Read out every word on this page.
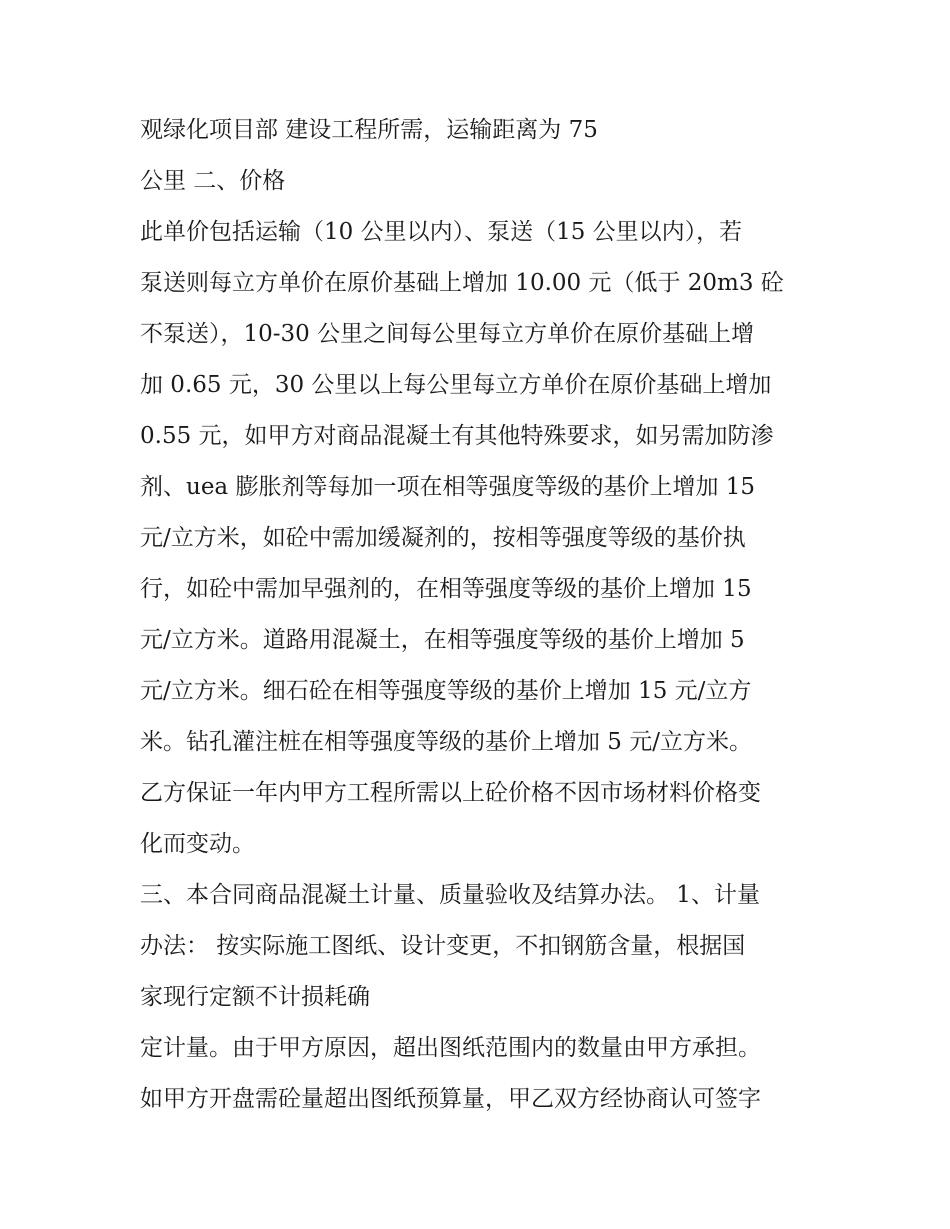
观绿化项目部 建设工程所需，运输距离为 75
公里 二、价格
此单价包括运输（10 公里以内）、泵送（15 公里以内），若
泵送则每立方单价在原价基础上增加 10.00 元（低于 20m3 砼
不泵送），10-30 公里之间每公里每立方单价在原价基础上增
加 0.65 元，30 公里以上每公里每立方单价在原价基础上增加
0.55 元，如甲方对商品混凝土有其他特殊要求，如另需加防渗
剂、uea 膨胀剂等每加一项在相等强度等级的基价上增加 15
元/立方米，如砼中需加缓凝剂的，按相等强度等级的基价执
行，如砼中需加早强剂的，在相等强度等级的基价上增加 15
元/立方米。道路用混凝土，在相等强度等级的基价上增加 5
元/立方米。细石砼在相等强度等级的基价上增加 15 元/立方
米。钻孔灌注桩在相等强度等级的基价上增加 5 元/立方米。
乙方保证一年内甲方工程所需以上砼价格不因市场材料价格变
化而变动。
三、本合同商品混凝土计量、质量验收及结算办法。 1、计量
办法： 按实际施工图纸、设计变更，不扣钢筋含量，根据国
家现行定额不计损耗确
定计量。由于甲方原因，超出图纸范围内的数量由甲方承担。
如甲方开盘需砼量超出图纸预算量，甲乙双方经协商认可签字
